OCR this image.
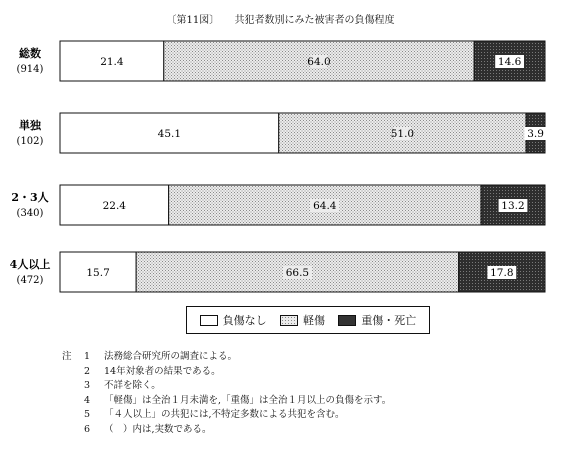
〔第11図〕 共犯者数別にみた被害者の負傷程度
総数
(914)
21.4	64.0	14.6
単独
(102)
45.1	51.0	3.9
2・3人
(340)
22.4	64.4	13.2
4人以上
(472)
15.7	66.5	17.8
負傷なし	軽傷	重傷・死亡
注	1	法務総合研究所の調査による。
2	14年対象者の結果である。
3	不詳を除く。
4	「軽傷」は全治１月未満を,「重傷」は全治１月以上の負傷を示す。
5	「４人以上」の共犯には,不特定多数による共犯を含む。
6	（　）内は,実数である。
